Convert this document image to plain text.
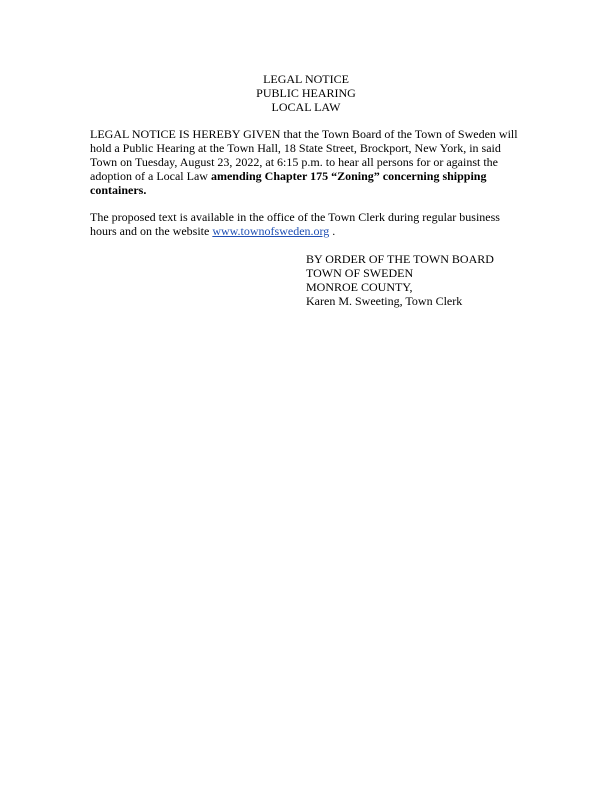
LEGAL NOTICE
PUBLIC HEARING
LOCAL LAW

LEGAL NOTICE IS HEREBY GIVEN that the Town Board of the Town of Sweden will
hold a Public Hearing at the Town Hall, 18 State Street, Brockport, New York, in said
Town on Tuesday, August 23, 2022, at 6:15 p.m. to hear all persons for or against the
adoption of a Local Law amending Chapter 175 “Zoning” concerning shipping
containers.

The proposed text is available in the office of the Town Clerk during regular business
hours and on the website www.townofsweden.org .

BY ORDER OF THE TOWN BOARD
TOWN OF SWEDEN
MONROE COUNTY,
Karen M. Sweeting, Town Clerk
